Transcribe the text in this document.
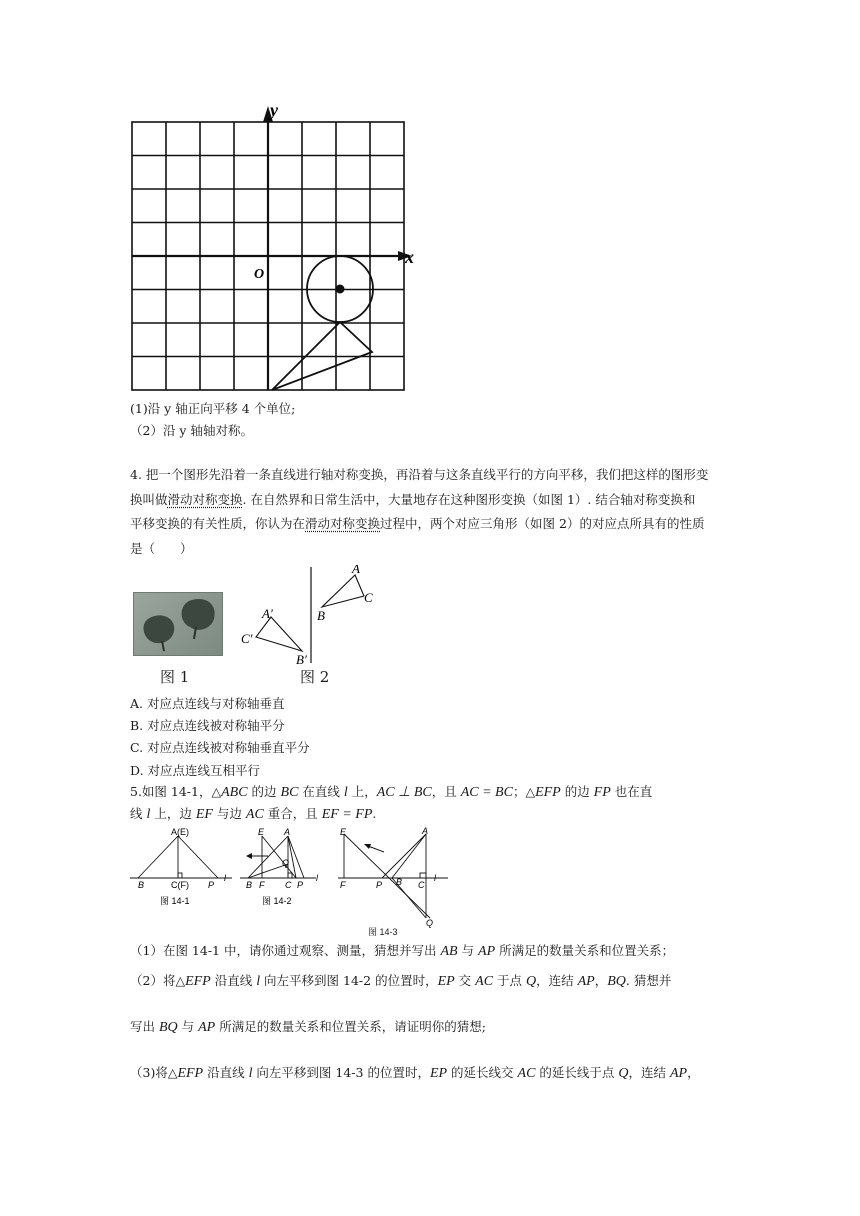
y
x
O
(1)沿 y 轴正向平移 4 个单位;
（2）沿 y 轴轴对称。
4. 把一个图形先沿着一条直线进行轴对称变换，再沿着与这条直线平行的方向平移，我们把这样的图形变
换叫做滑动对称变换. 在自然界和日常生活中，大量地存在这种图形变换（如图 1）. 结合轴对称变换和
平移变换的有关性质，你认为在滑动对称变换过程中，两个对应三角形（如图 2）的对应点所具有的性质
是（　　）
图 1
A
B
C
A′
C′
B′
图 2
A. 对应点连线与对称轴垂直
B. 对应点连线被对称轴平分
C. 对应点连线被对称轴垂直平分
D. 对应点连线互相平行
5.如图 14-1，△ABC 的边 BC 在直线 l 上，AC ⊥ BC，且 AC = BC；△EFP 的边 FP 也在直
线 l 上，边 EF 与边 AC 重合，且 EF = FP.
A(E)
B	C(F) P
l
图 14-1
E A
Q
B F C P
l
图 14-2
E	A
F	P B C
l
Q
图 14-3
（1）在图 14-1 中，请你通过观察、测量，猜想并写出 AB 与 AP 所满足的数量关系和位置关系；
（2）将△EFP 沿直线 l 向左平移到图 14-2 的位置时，EP 交 AC 于点 Q，连结 AP，BQ. 猜想并
写出 BQ 与 AP 所满足的数量关系和位置关系，请证明你的猜想;
（3)将△EFP 沿直线 l 向左平移到图 14-3 的位置时，EP 的延长线交 AC 的延长线于点 Q，连结 AP，
